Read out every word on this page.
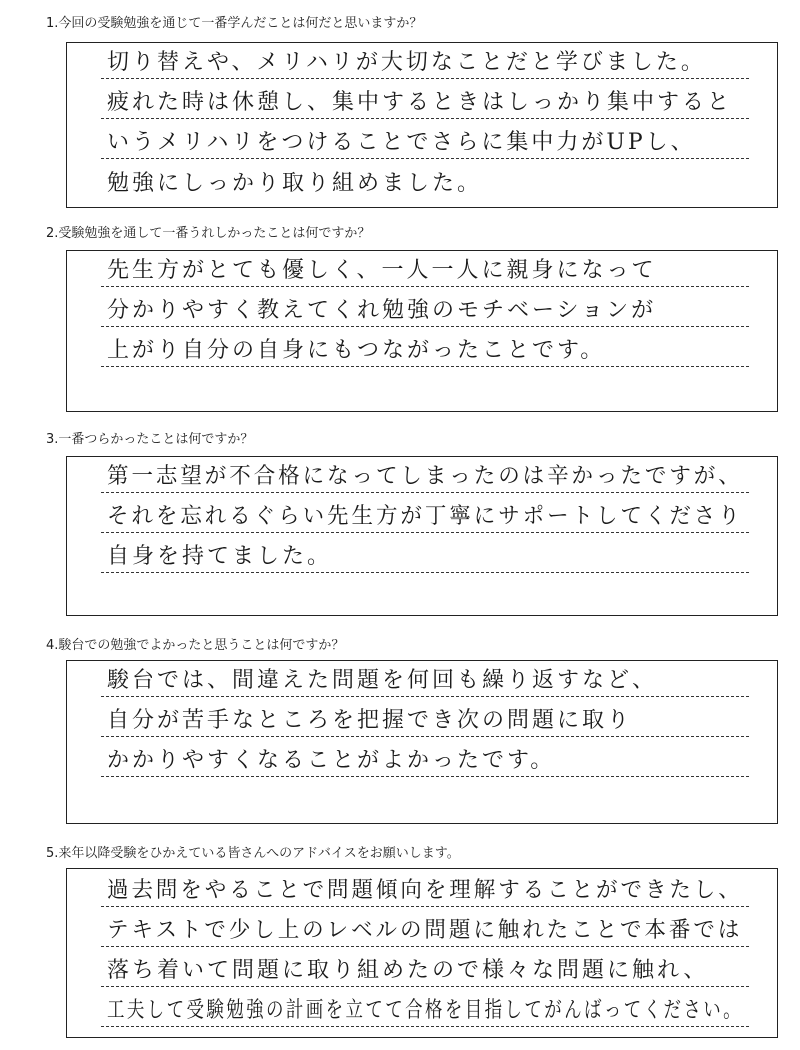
1.今回の受験勉強を通じて一番学んだことは何だと思いますか？
切り替えや、メリハリが大切なことだと学びました。
疲れた時は休憩し、集中するときはしっかり集中すると
いうメリハリをつけることでさらに集中力がUPし、
勉強にしっかり取り組めました。
2.受験勉強を通して一番うれしかったことは何ですか？
先生方がとても優しく、一人一人に親身になって
分かりやすく教えてくれ勉強のモチベーションが
上がり自分の自身にもつながったことです。
3.一番つらかったことは何ですか？
第一志望が不合格になってしまったのは辛かったですが、
それを忘れるぐらい先生方が丁寧にサポートしてくださり
自身を持てました。
4.駿台での勉強でよかったと思うことは何ですか？
駿台では、間違えた問題を何回も繰り返すなど、
自分が苦手なところを把握でき次の問題に取り
かかりやすくなることがよかったです。
5.来年以降受験をひかえている皆さんへのアドバイスをお願いします。
過去問をやることで問題傾向を理解することができたし、
テキストで少し上のレベルの問題に触れたことで本番では
落ち着いて問題に取り組めたので様々な問題に触れ、
工夫して受験勉強の計画を立てて合格を目指してがんばってください。
